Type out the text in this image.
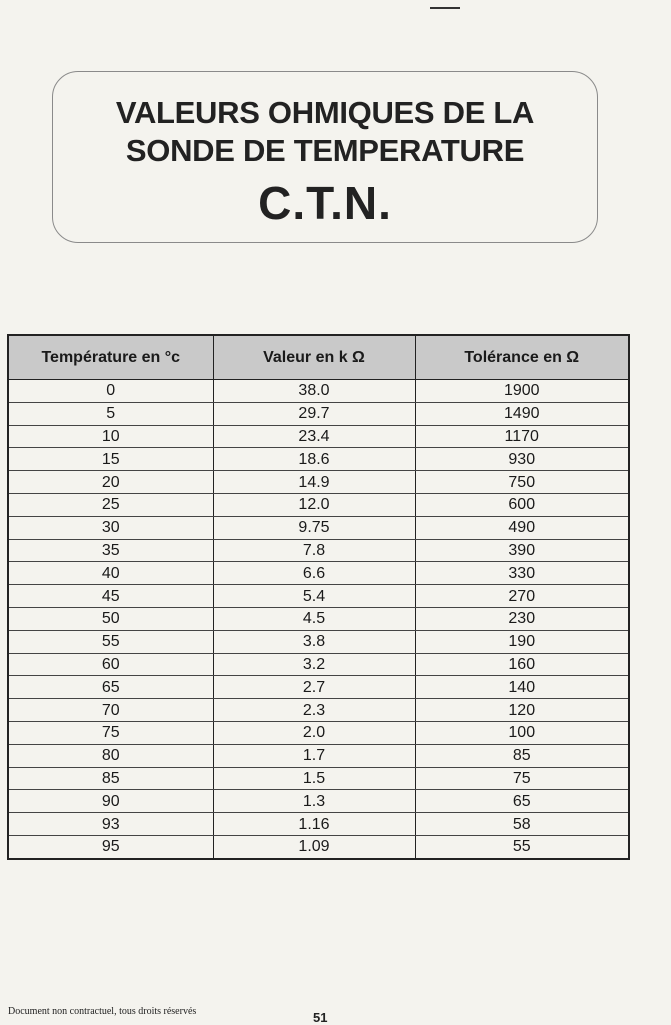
VALEURS OHMIQUES DE LA
SONDE DE TEMPERATURE
C.T.N.
Température en °c	Valeur en k Ω	Tolérance en Ω
0	38.0	1900
5	29.7	1490
10	23.4	1170
15	18.6	930
20	14.9	750
25	12.0	600
30	9.75	490
35	7.8	390
40	6.6	330
45	5.4	270
50	4.5	230
55	3.8	190
60	3.2	160
65	2.7	140
70	2.3	120
75	2.0	100
80	1.7	85
85	1.5	75
90	1.3	65
93	1.16	58
95	1.09	55
Document non contractuel, tous droits réservés	51
